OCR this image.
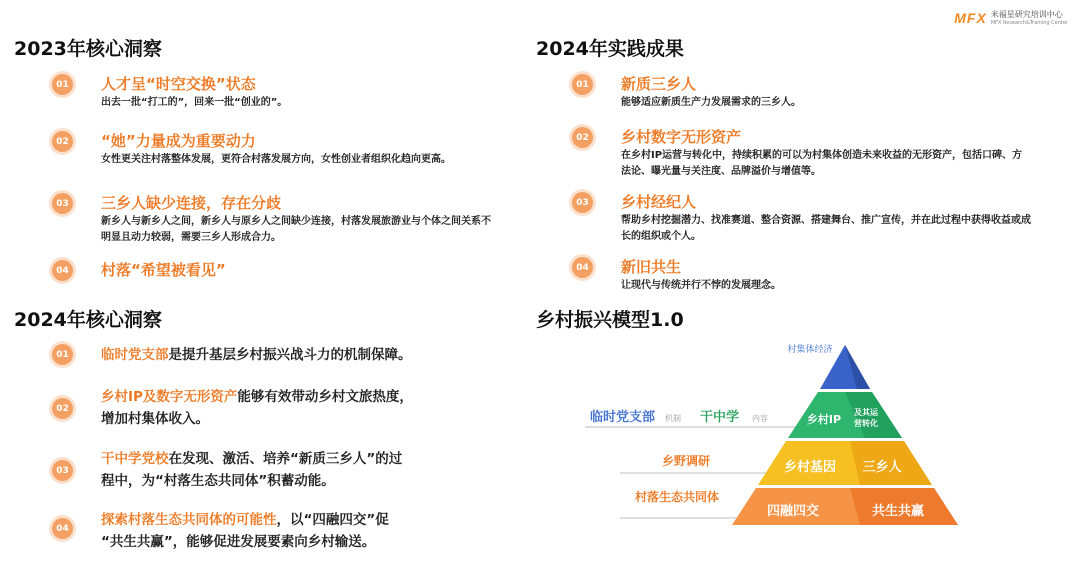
MFX 米福星研究培训中心
MFX Research&Training Center
2023年核心洞察
01 人才呈“时空交换”状态
出去一批“打工的”，回来一批“创业的”。
02 “她”力量成为重要动力
女性更关注村落整体发展，更符合村落发展方向，女性创业者组织化趋向更高。
03 三乡人缺少连接，存在分歧
新乡人与新乡人之间，新乡人与原乡人之间缺少连接，村落发展旅游业与个体之间关系不明显且动力较弱，需要三乡人形成合力。
04 村落“希望被看见”
2024年实践成果
01 新质三乡人
能够适应新质生产力发展需求的三乡人。
02 乡村数字无形资产
在乡村IP运营与转化中，持续积累的可以为村集体创造未来收益的无形资产，包括口碑、方法论、曝光量与关注度、品牌溢价与增值等。
03 乡村经纪人
帮助乡村挖掘潜力、找准赛道、整合资源、搭建舞台、推广宣传，并在此过程中获得收益或成长的组织或个人。
04 新旧共生
让现代与传统并行不悖的发展理念。
2024年核心洞察
01	临时党支部是提升基层乡村振兴战斗力的机制保障。
02
乡村IP及数字无形资产能够有效带动乡村文旅热度，
增加村集体收入。
03
干中学党校在发现、激活、培养“新质三乡人”的过
程中，为“村落生态共同体”积蓄动能。
04
探索村落生态共同体的可能性，以“四融四交”促
“共生共赢”，能够促进发展要素向乡村输送。
乡村振兴模型1.0
村集体经济
临时党支部 机制 干中学 内容
乡野调研
村落生态共同体
乡村IP
及其运
营转化
乡村基因 三乡人
四融四交	共生共赢
